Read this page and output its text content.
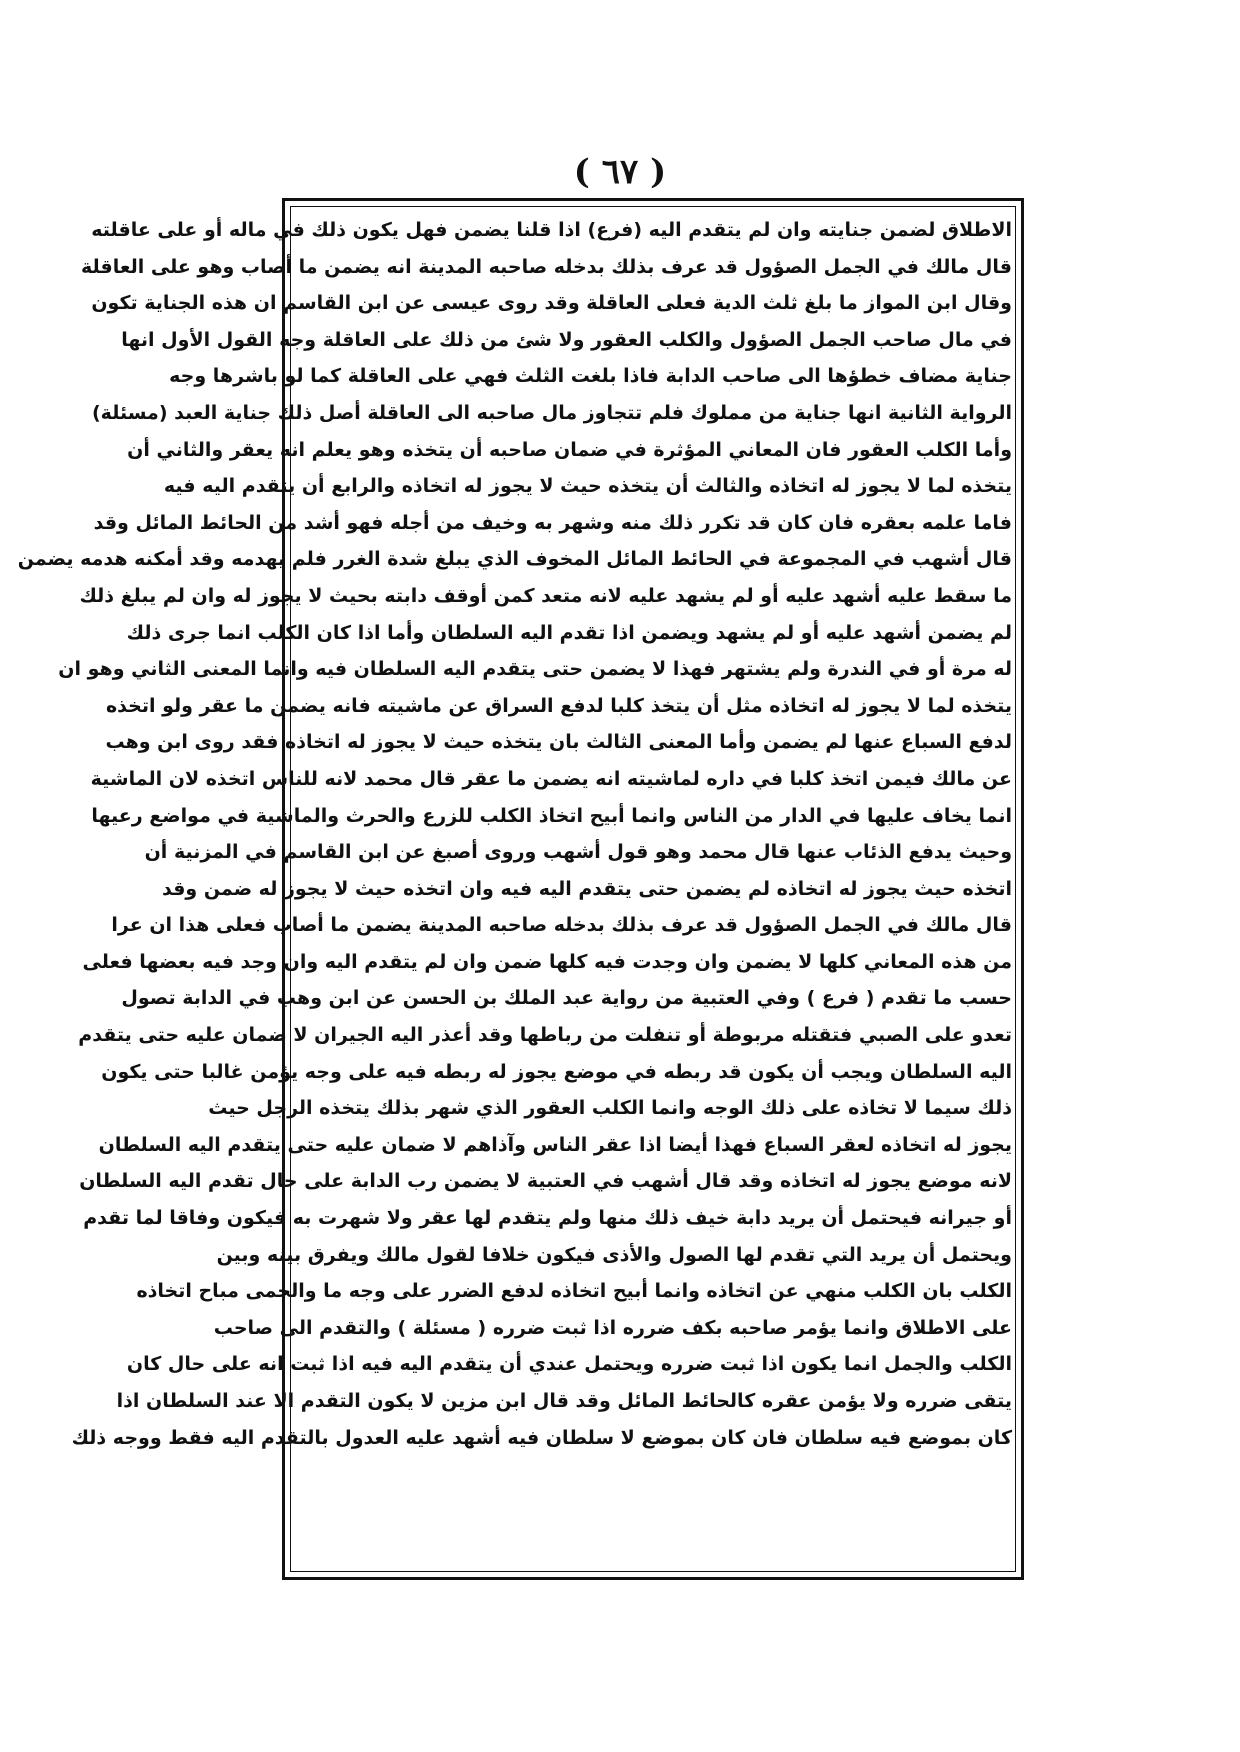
( ٦٧ )
الاطلاق لضمن جنايته وان لم يتقدم اليه (فرع) اذا قلنا يضمن فهل يكون ذلك في ماله أو على عاقلته
قال مالك في الجمل الصؤول قد عرف بذلك بدخله صاحبه المدينة انه يضمن ما أصاب وهو على العاقلة
وقال ابن المواز ما بلغ ثلث الدية فعلى العاقلة وقد روى عيسى عن ابن القاسم ان هذه الجناية تكون
في مال صاحب الجمل الصؤول والكلب العقور ولا شئ من ذلك على العاقلة وجه القول الأول انها
جناية مضاف خطؤها الى صاحب الدابة فاذا بلغت الثلث فهي على العاقلة كما لو باشرها وجه
الرواية الثانية انها جناية من مملوك فلم تتجاوز مال صاحبه الى العاقلة أصل ذلك جناية العبد (مسئلة)
وأما الكلب العقور فان المعاني المؤثرة في ضمان صاحبه أن يتخذه وهو يعلم انه يعقر والثاني أن
يتخذه لما لا يجوز له اتخاذه والثالث أن يتخذه حيث لا يجوز له اتخاذه والرابع أن يتقدم اليه فيه
فاما علمه بعقره فان كان قد تكرر ذلك منه وشهر به وخيف من أجله فهو أشد من الحائط المائل وقد
قال أشهب في المجموعة في الحائط المائل المخوف الذي يبلغ شدة الغرر فلم يهدمه وقد أمكنه هدمه يضمن
ما سقط عليه أشهد عليه أو لم يشهد عليه لانه متعد كمن أوقف دابته بحيث لا يجوز له وان لم يبلغ ذلك
لم يضمن أشهد عليه أو لم يشهد ويضمن اذا تقدم اليه السلطان وأما اذا كان الكلب انما جرى ذلك
له مرة أو في الندرة ولم يشتهر فهذا لا يضمن حتى يتقدم اليه السلطان فيه وانما المعنى الثاني وهو ان
يتخذه لما لا يجوز له اتخاذه مثل أن يتخذ كلبا لدفع السراق عن ماشيته فانه يضمن ما عقر ولو اتخذه
لدفع السباع عنها لم يضمن وأما المعنى الثالث بان يتخذه حيث لا يجوز له اتخاذه فقد روى ابن وهب
عن مالك فيمن اتخذ كلبا في داره لماشيته انه يضمن ما عقر قال محمد لانه للناس اتخذه لان الماشية
انما يخاف عليها في الدار من الناس وانما أبيح اتخاذ الكلب للزرع والحرث والماشية في مواضع رعيها
وحيث يدفع الذئاب عنها قال محمد وهو قول أشهب وروى أصبغ عن ابن القاسم في المزنية أن
اتخذه حيث يجوز له اتخاذه لم يضمن حتى يتقدم اليه فيه وان اتخذه حيث لا يجوز له ضمن وقد
قال مالك في الجمل الصؤول قد عرف بذلك بدخله صاحبه المدينة يضمن ما أصاب فعلى هذا ان عرا
من هذه المعاني كلها لا يضمن وان وجدت فيه كلها ضمن وان لم يتقدم اليه وان وجد فيه بعضها فعلى
حسب ما تقدم ( فرع ) وفي العتبية من رواية عبد الملك بن الحسن عن ابن وهب في الدابة تصول
تعدو على الصبي فتقتله مربوطة أو تنفلت من رباطها وقد أعذر اليه الجيران لا ضمان عليه حتى يتقدم
اليه السلطان ويجب أن يكون قد ربطه في موضع يجوز له ربطه فيه على وجه يؤمن غالبا حتى يكون
ذلك سيما لا تخاذه على ذلك الوجه وانما الكلب العقور الذي شهر بذلك يتخذه الرجل حيث
يجوز له اتخاذه لعقر السباع فهذا أيضا اذا عقر الناس وآذاهم لا ضمان عليه حتى يتقدم اليه السلطان
لانه موضع يجوز له اتخاذه وقد قال أشهب في العتبية لا يضمن رب الدابة على حال تقدم اليه السلطان
أو جيرانه فيحتمل أن يريد دابة خيف ذلك منها ولم يتقدم لها عقر ولا شهرت به فيكون وفاقا لما تقدم
ويحتمل أن يريد التي تقدم لها الصول والأذى فيكون خلافا لقول مالك ويفرق بينه وبين
الكلب بان الكلب منهي عن اتخاذه وانما أبيح اتخاذه لدفع الضرر على وجه ما والحمى مباح اتخاذه
على الاطلاق وانما يؤمر صاحبه بكف ضرره اذا ثبت ضرره ( مسئلة ) والتقدم الى صاحب
الكلب والجمل انما يكون اذا ثبت ضرره ويحتمل عندي أن يتقدم اليه فيه اذا ثبت انه على حال كان
يتقى ضرره ولا يؤمن عقره كالحائط المائل وقد قال ابن مزين لا يكون التقدم الا عند السلطان اذا
كان بموضع فيه سلطان فان كان بموضع لا سلطان فيه أشهد عليه العدول بالتقدم اليه فقط ووجه ذلك
